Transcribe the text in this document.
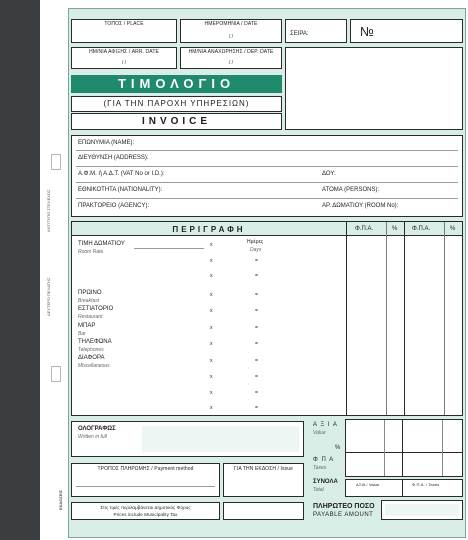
ΑΝΤΙΤΥΠΟ ΣΤΕΛΕΧΟΣ
ΔΕΥΤΕΡΟ ΠΕΛΑΤΗΣ
ΕΚΔΟΣΕΙΣ
ΤΟΠΟΣ / PLACE	ΗΜΕΡΟΜΗΝΙΑ / DATE
/ /	ΣΕΙΡΑ:	№
ΗΜ/ΝΙΑ ΑΦΙΞΗΣ / ARR. DATE
/ /
ΗΜ/ΝΙΑ ΑΝΑΧΩΡΗΣΗΣ / DEP. DATE
/ /
ΤΙΜΟΛΟΓΙΟ
(ΓΙΑ ΤΗΝ ΠΑΡΟΧΗ ΥΠΗΡΕΣΙΩΝ)
INVOICE
ΕΠΩΝΥΜΙΑ (NAME):
ΔΙΕΥΘΥΝΣΗ (ADDRESS):
Α.Φ.Μ. ή Α.Δ.Τ. (VAT No or I.D.):	ΔΟΥ:
ΕΘΝΙΚΟΤΗΤΑ (NATIONALITY):	ΑΤΟΜΑ (PERSONS):
ΠΡΑΚΤΟΡΕΙΟ (AGENCY):	ΑΡ. ΔΩΜΑΤΙΟΥ (ROOM No):
ΠΕΡΙΓΡΑΦΗ	Φ.Π.Α.	% Φ.Π.Α.	%
ΤΙΜΗ ΔΩΜΑΤΙΟΥ
Room Rate
x	Ημέρες
Days
x	=
x	=
ΠΡΩΙΝΟ
Breakfast
x	=
ΕΣΤΙΑΤΟΡΙΟ
Restaurant
x	=
ΜΠΑΡ
Bar
x	=
ΤΗΛΕΦΩΝΑ
Telephones
x	=
ΔΙΑΦΟΡΑ
Miscellaneous
x	=
x	=
x	=
x	=
ΟΛΟΓΡΑΦΩΣ
Written in full
Α Ξ Ι Α
Value
%
Φ Π Α
Taxes
ΣΥΝΟΛΑ
Total
ΑΞΙΑ / Value	Φ.Π.Α. / Taxes
ΤΡΟΠΟΣ ΠΛΗΡΩΜΗΣ / Payment method	ΓΙΑ ΤΗΝ ΕΚΔΟΣΗ / Issue
Στις τιμές περιλαμβάνεται Δημοτικός Φόρος
Prices include Municipality Tax
ΠΛΗΡΩΤΕΟ ΠΟΣΟ
PAYABLE AMOUNT
